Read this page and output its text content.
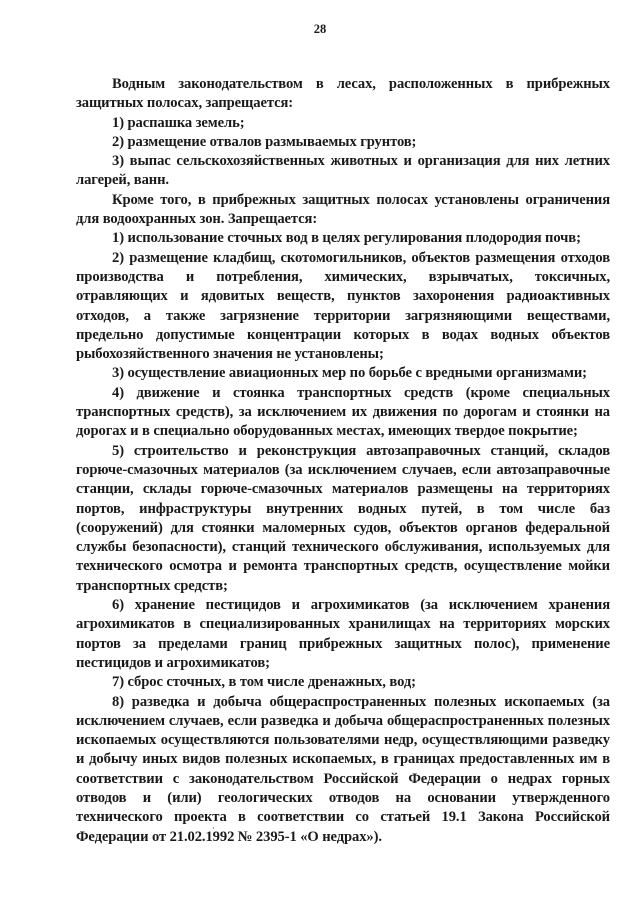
28

Водным законодательством в лесах, расположенных в прибрежных защитных полосах, запрещается:

1) распашка земель;

2) размещение отвалов размываемых грунтов;

3) выпас сельскохозяйственных животных и организация для них летних лагерей, ванн.

Кроме того, в прибрежных защитных полосах установлены ограничения для водоохранных зон. Запрещается:

1) использование сточных вод в целях регулирования плодородия почв;

2) размещение кладбищ, скотомогильников, объектов размещения отходов производства и потребления, химических, взрывчатых, токсичных, отравляющих и ядовитых веществ, пунктов захоронения радиоактивных отходов, а также загрязнение территории загрязняющими веществами, предельно допустимые концентрации которых в водах водных объектов рыбохозяйственного значения не установлены;

3) осуществление авиационных мер по борьбе с вредными организмами;

4) движение и стоянка транспортных средств (кроме специальных транспортных средств), за исключением их движения по дорогам и стоянки на дорогах и в специально оборудованных местах, имеющих твердое покрытие;

5) строительство и реконструкция автозаправочных станций, складов горюче-смазочных материалов (за исключением случаев, если автозаправочные станции, склады горюче-смазочных материалов размещены на территориях портов, инфраструктуры внутренних водных путей, в том числе баз (сооружений) для стоянки маломерных судов, объектов органов федеральной службы безопасности), станций технического обслуживания, используемых для технического осмотра и ремонта транспортных средств, осуществление мойки транспортных средств;

6) хранение пестицидов и агрохимикатов (за исключением хранения агрохимикатов в специализированных хранилищах на территориях морских портов за пределами границ прибрежных защитных полос), применение пестицидов и агрохимикатов;

7) сброс сточных, в том числе дренажных, вод;

8) разведка и добыча общераспространенных полезных ископаемых (за исключением случаев, если разведка и добыча общераспространенных полезных ископаемых осуществляются пользователями недр, осуществляющими разведку и добычу иных видов полезных ископаемых, в границах предоставленных им в соответствии с законодательством Российской Федерации о недрах горных отводов и (или) геологических отводов на основании утвержденного технического проекта в соответствии со статьей 19.1 Закона Российской Федерации от 21.02.1992 № 2395-1 «О недрах»).
